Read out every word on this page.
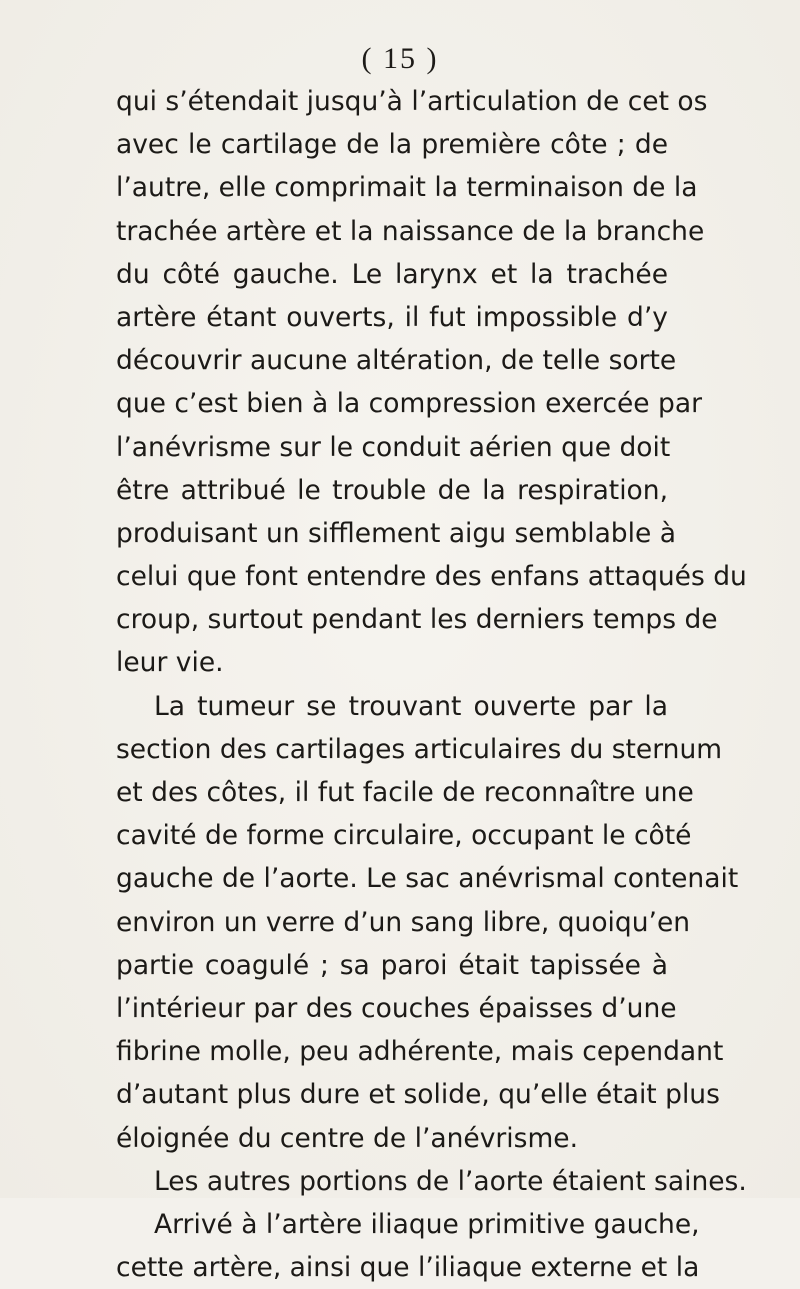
( 15 )
qui s’étendait jusqu’à l’articulation de cet os
avec le cartilage de la première côte ; de
l’autre, elle comprimait la terminaison de la
trachée artère et la naissance de la branche
du côté gauche. Le larynx et la trachée
artère étant ouverts, il fut impossible d’y
découvrir aucune altération, de telle sorte
que c’est bien à la compression exercée par
l’anévrisme sur le conduit aérien que doit
être attribué le trouble de la respiration,
produisant un sifflement aigu semblable à
celui que font entendre des enfans attaqués du
croup, surtout pendant les derniers temps de
leur vie.
La tumeur se trouvant ouverte par la
section des cartilages articulaires du sternum
et des côtes, il fut facile de reconnaître une
cavité de forme circulaire, occupant le côté
gauche de l’aorte. Le sac anévrismal contenait
environ un verre d’un sang libre, quoiqu’en
partie coagulé ; sa paroi était tapissée à
l’intérieur par des couches épaisses d’une
fibrine molle, peu adhérente, mais cependant
d’autant plus dure et solide, qu’elle était plus
éloignée du centre de l’anévrisme.
Les autres portions de l’aorte étaient saines.
Arrivé à l’artère iliaque primitive gauche,
cette artère, ainsi que l’iliaque externe et la
